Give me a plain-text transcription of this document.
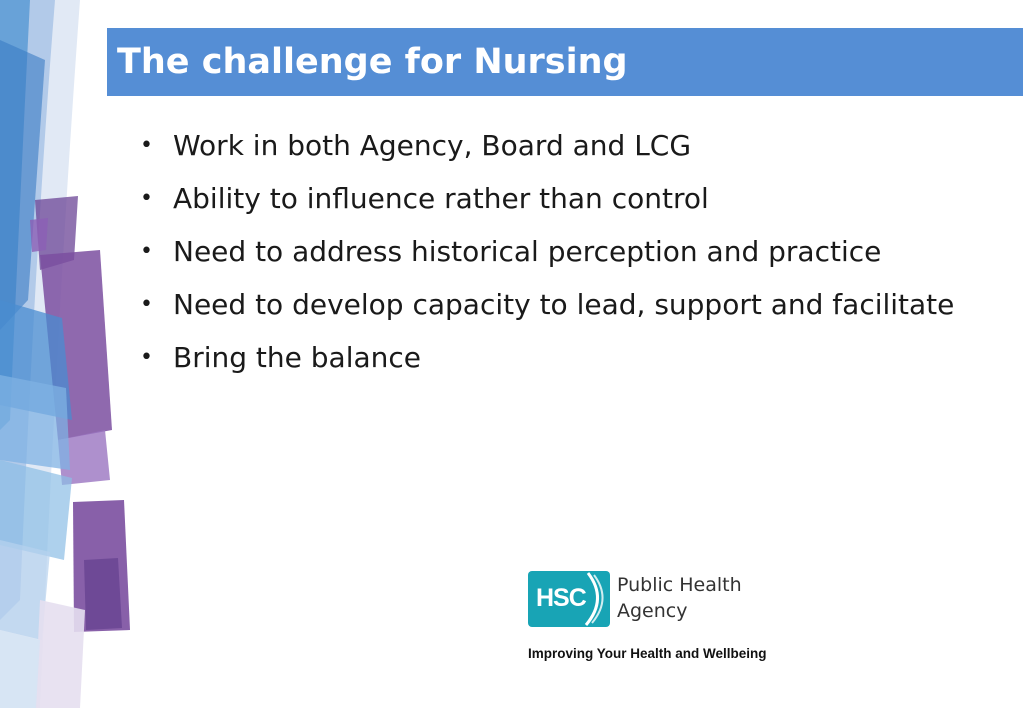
The challenge for Nursing
• Work in both Agency, Board and LCG
• Ability to influence rather than control
• Need to address historical perception and practice
• Need to develop capacity to lead, support and facilitate
• Bring the balance
HSC Public Health
Agency
Improving Your Health and Wellbeing
